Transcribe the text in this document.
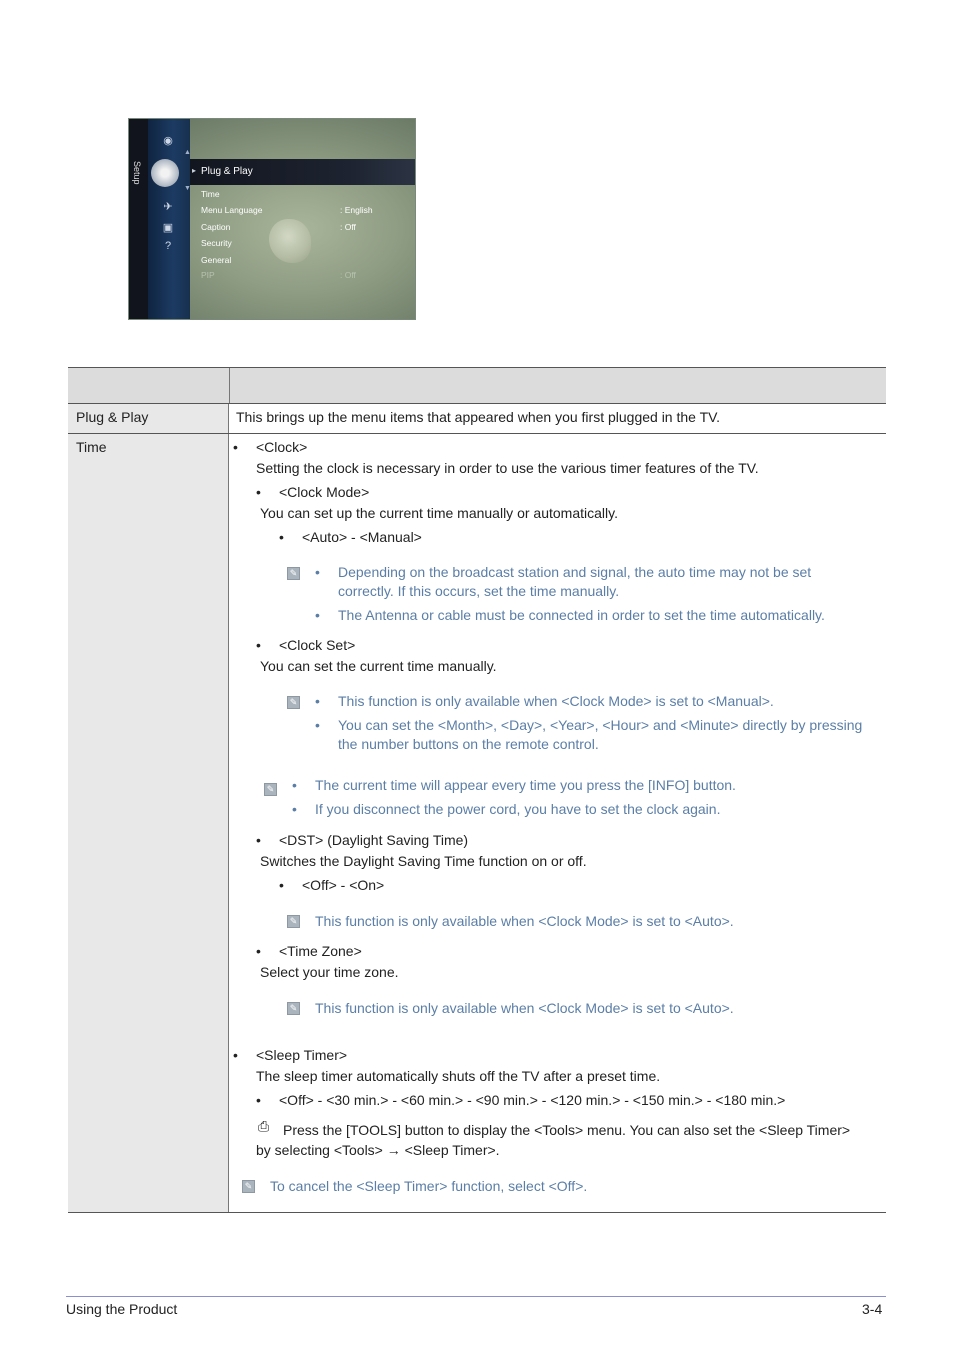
Setup
◉
▲
▼
✈
▣
?
▸ Plug & Play
Time
Menu Language	: English
Caption	: Off
Security
General
PIP	: Off
Plug & Play	This brings up the menu items that appeared when you first plugged in the TV.
Time	• <Clock>
Setting the clock is necessary in order to use the various timer features of the TV.
• <Clock Mode>
You can set up the current time manually or automatically.
• <Auto> - <Manual>
✎ • Depending on the broadcast station and signal, the auto time may not be set
correctly. If this occurs, set the time manually.
• The Antenna or cable must be connected in order to set the time automatically.
• <Clock Set>
You can set the current time manually.
✎ • This function is only available when <Clock Mode> is set to <Manual>.
• You can set the <Month>, <Day>, <Year>, <Hour> and <Minute> directly by pressing
the number buttons on the remote control.
✎ • The current time will appear every time you press the [INFO] button.
• If you disconnect the power cord, you have to set the clock again.
• <DST> (Daylight Saving Time)
Switches the Daylight Saving Time function on or off.
• <Off> - <On>
✎ This function is only available when <Clock Mode> is set to <Auto>.
• <Time Zone>
Select your time zone.
✎ This function is only available when <Clock Mode> is set to <Auto>.
• <Sleep Timer>
The sleep timer automatically shuts off the TV after a preset time.
• <Off> - <30 min.> - <60 min.> - <90 min.> - <120 min.> - <150 min.> - <180 min.>
⎙ Press the [TOOLS] button to display the <Tools> menu. You can also set the <Sleep Timer>
by selecting <Tools> → <Sleep Timer>.
✎ To cancel the <Sleep Timer> function, select <Off>.
Using the Product	3-4
